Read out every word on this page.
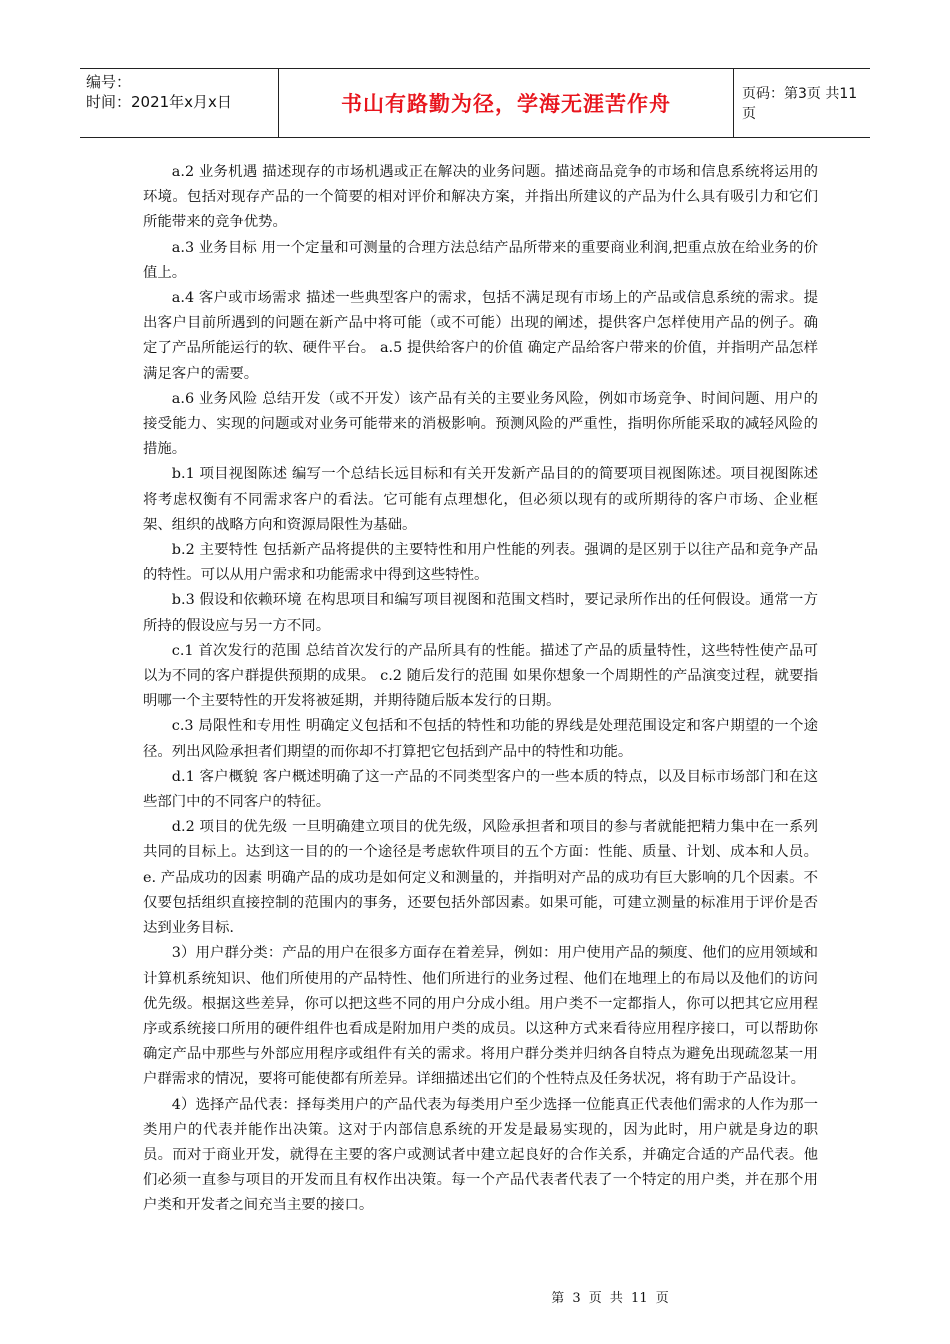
编号：
时间：2021年x月x日	书山有路勤为径，学海无涯苦作舟	页码：第3页 共11页

a.2 业务机遇 描述现存的市场机遇或正在解决的业务问题。描述商品竞争的市场和信息系统将运用的环境。包括对现存产品的一个简要的相对评价和解决方案，并指出所建议的产品为什么具有吸引力和它们所能带来的竞争优势。

a.3 业务目标 用一个定量和可测量的合理方法总结产品所带来的重要商业利润,把重点放在给业务的价值上。

a.4 客户或市场需求 描述一些典型客户的需求，包括不满足现有市场上的产品或信息系统的需求。提出客户目前所遇到的问题在新产品中将可能（或不可能）出现的阐述，提供客户怎样使用产品的例子。确定了产品所能运行的软、硬件平台。 a.5 提供给客户的价值 确定产品给客户带来的价值，并指明产品怎样满足客户的需要。

a.6 业务风险 总结开发（或不开发）该产品有关的主要业务风险，例如市场竞争、时间问题、用户的接受能力、实现的问题或对业务可能带来的消极影响。预测风险的严重性，指明你所能采取的减轻风险的措施。

b.1 项目视图陈述 编写一个总结长远目标和有关开发新产品目的的简要项目视图陈述。项目视图陈述将考虑权衡有不同需求客户的看法。它可能有点理想化，但必须以现有的或所期待的客户市场、企业框架、组织的战略方向和资源局限性为基础。

b.2 主要特性 包括新产品将提供的主要特性和用户性能的列表。强调的是区别于以往产品和竞争产品的特性。可以从用户需求和功能需求中得到这些特性。

b.3 假设和依赖环境 在构思项目和编写项目视图和范围文档时，要记录所作出的任何假设。通常一方所持的假设应与另一方不同。

c.1 首次发行的范围 总结首次发行的产品所具有的性能。描述了产品的质量特性，这些特性使产品可以为不同的客户群提供预期的成果。 c.2 随后发行的范围 如果你想象一个周期性的产品演变过程，就要指明哪一个主要特性的开发将被延期，并期待随后版本发行的日期。

c.3 局限性和专用性 明确定义包括和不包括的特性和功能的界线是处理范围设定和客户期望的一个途径。列出风险承担者们期望的而你却不打算把它包括到产品中的特性和功能。

d.1 客户概貌 客户概述明确了这一产品的不同类型客户的一些本质的特点，以及目标市场部门和在这些部门中的不同客户的特征。

d.2 项目的优先级 一旦明确建立项目的优先级，风险承担者和项目的参与者就能把精力集中在一系列共同的目标上。达到这一目的的一个途径是考虑软件项目的五个方面：性能、质量、计划、成本和人员。 e. 产品成功的因素 明确产品的成功是如何定义和测量的，并指明对产品的成功有巨大影响的几个因素。不仅要包括组织直接控制的范围内的事务，还要包括外部因素。如果可能，可建立测量的标准用于评价是否达到业务目标.

3）用户群分类：产品的用户在很多方面存在着差异，例如：用户使用产品的频度、他们的应用领域和计算机系统知识、他们所使用的产品特性、他们所进行的业务过程、他们在地理上的布局以及他们的访问优先级。根据这些差异，你可以把这些不同的用户分成小组。用户类不一定都指人，你可以把其它应用程序或系统接口所用的硬件组件也看成是附加用户类的成员。以这种方式来看待应用程序接口，可以帮助你确定产品中那些与外部应用程序或组件有关的需求。将用户群分类并归纳各自特点为避免出现疏忽某一用户群需求的情况，要将可能使都有所差异。详细描述出它们的个性特点及任务状况，将有助于产品设计。

4）选择产品代表：择每类用户的产品代表为每类用户至少选择一位能真正代表他们需求的人作为那一类用户的代表并能作出决策。这对于内部信息系统的开发是最易实现的，因为此时，用户就是身边的职员。而对于商业开发，就得在主要的客户或测试者中建立起良好的合作关系，并确定合适的产品代表。他们必须一直参与项目的开发而且有权作出决策。每一个产品代表者代表了一个特定的用户类，并在那个用户类和开发者之间充当主要的接口。

第 3 页 共 11 页
